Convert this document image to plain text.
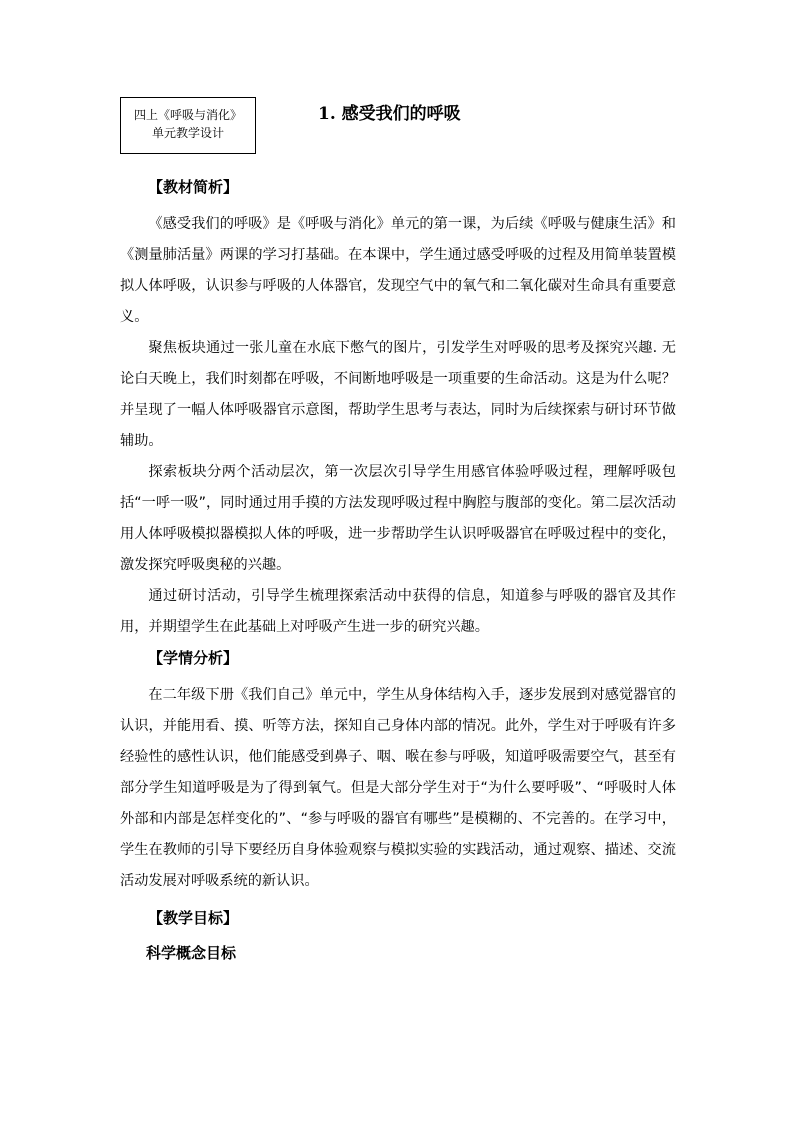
四上《呼吸与消化》
单元教学设计
1. 感受我们的呼吸

【教材简析】

《感受我们的呼吸》是《呼吸与消化》单元的第一课，为后续《呼吸与健康生活》和《测量肺活量》两课的学习打基础。在本课中，学生通过感受呼吸的过程及用简单装置模拟人体呼吸，认识参与呼吸的人体器官，发现空气中的氧气和二氧化碳对生命具有重要意义。

聚焦板块通过一张儿童在水底下憋气的图片，引发学生对呼吸的思考及探究兴趣. 无论白天晚上，我们时刻都在呼吸，不间断地呼吸是一项重要的生命活动。这是为什么呢？并呈现了一幅人体呼吸器官示意图，帮助学生思考与表达，同时为后续探索与研讨环节做辅助。

探索板块分两个活动层次，第一次层次引导学生用感官体验呼吸过程，理解呼吸包括“一呼一吸”，同时通过用手摸的方法发现呼吸过程中胸腔与腹部的变化。第二层次活动用人体呼吸模拟器模拟人体的呼吸，进一步帮助学生认识呼吸器官在呼吸过程中的变化，激发探究呼吸奥秘的兴趣。

通过研讨活动，引导学生梳理探索活动中获得的信息，知道参与呼吸的器官及其作用，并期望学生在此基础上对呼吸产生进一步的研究兴趣。

【学情分析】

在二年级下册《我们自己》单元中，学生从身体结构入手，逐步发展到对感觉器官的认识，并能用看、摸、听等方法，探知自己身体内部的情况。此外，学生对于呼吸有许多经验性的感性认识，他们能感受到鼻子、咽、喉在参与呼吸，知道呼吸需要空气，甚至有部分学生知道呼吸是为了得到氧气。但是大部分学生对于“为什么要呼吸”、“呼吸时人体外部和内部是怎样变化的”、“参与呼吸的器官有哪些”是模糊的、不完善的。在学习中，学生在教师的引导下要经历自身体验观察与模拟实验的实践活动，通过观察、描述、交流活动发展对呼吸系统的新认识。

【教学目标】

科学概念目标
